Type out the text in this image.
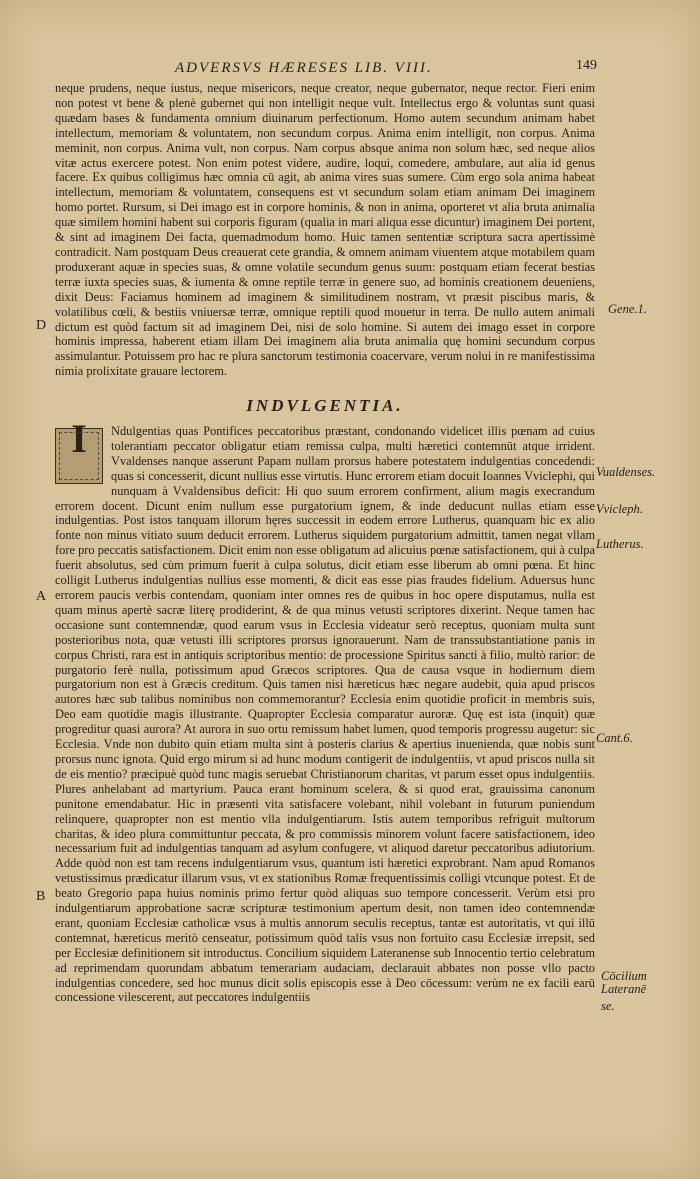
ADVERSVS HÆRESES LIB. VIII.	149

neque prudens, neque iustus, neque misericors, neque creator, neque gubernator, neque rector. Fieri enim non potest vt bene & plenè gubernet qui non intelligit neque vult. Intellectus ergo & voluntas sunt quasi quædam bases & fundamenta omnium diuinarum perfectionum. Homo autem secundum animam habet intellectum, memoriam & voluntatem, non secundum corpus. Anima enim intelligit, non corpus. Anima meminit, non corpus. Anima vult, non corpus. Nam corpus absque anima non solum hæc, sed neque alios vitæ actus exercere potest. Non enim potest videre, audire, loqui, comedere, ambulare, aut alia id genus facere. Ex quibus colligimus hæc omnia cū agit, ab anima vires suas sumere. Cùm ergo sola anima habeat intellectum, memoriam & voluntatem, consequens est vt secundum solam etiam animam Dei imaginem homo portet. Rursum, si Dei imago est in corpore hominis, & non in anima, oporteret vt alia bruta animalia quæ similem homini habent sui corporis figuram (qualia in mari aliqua esse dicuntur) imaginem Dei portent, & sint ad imaginem Dei facta, quemadmodum homo. Huic tamen sententiæ scriptura sacra apertissimè contradicit. Nam postquam Deus creauerat cete grandia, & omnem animam viuentem atque motabilem quam produxerant aquæ in species suas, & omne volatile secundum genus suum: postquam etiam fecerat bestias terræ iuxta species suas, & iumenta & omne reptile terræ in genere suo, ad hominis creationem deueniens, dixit Deus: Faciamus hominem ad imaginem & similitudinem nostram, vt præsit piscibus maris, & volatilibus cœli, & bestiis vniuersæ terræ, omnique reptili quod mouetur in terra. De nullo autem animali dictum est quòd factum sit ad imaginem Dei, nisi de solo homine. Si autem dei imago esset in corpore hominis impressa, haberent etiam illam Dei imaginem alia bruta animalia quę homini secundum corpus assimulantur. Potuissem pro hac re plura sanctorum testimonia coacervare, verum nolui in re manifestissima nimia prolixitate grauare lectorem.

INDVLGENTIA.
I	Ndulgentias quas Pontifices peccatoribus præstant, condonando videlicet illis pœnam ad cuius tolerantiam peccator obligatur etiam remissa culpa, multi hæretici contemnūt atque irrident. Vvaldenses nanque asserunt Papam nullam prorsus habere potestatem indulgentias concedendi: quas si concesserit, dicunt nullius esse virtutis. Hunc errorem etiam docuit Ioannes Vviclephi, qui nunquam à Vvaldensibus deficit: Hi quo suum errorem confirment, alium magis execrandum errorem docent. Dicunt enim nullum esse purgatorium ignem, & inde deducunt nullas etiam esse indulgentias. Post istos tanquam illorum hęres successit in eodem errore Lutherus, quanquam hic ex alio fonte non minus vitiato suum deducit errorem. Lutherus siquidem purgatorium admittit, tamen negat vllam fore pro peccatis satisfactionem. Dicit enim non esse obligatum ad alicuius pœnæ satisfactionem, qui à culpa fuerit absolutus, sed cùm primum fuerit à culpa solutus, dicit etiam esse liberum ab omni pœna. Et hinc colligit Lutherus indulgentias nullius esse momenti, & dicit eas esse pias fraudes fidelium. Aduersus hunc errorem paucis verbis contendam, quoniam inter omnes res de quibus in hoc opere disputamus, nulla est quam minus apertè sacræ literę prodiderint, & de qua minus vetusti scriptores dixerint. Neque tamen hac occasione sunt contemnendæ, quod earum vsus in Ecclesia videatur serò receptus, quoniam multa sunt posterioribus nota, quæ vetusti illi scriptores prorsus ignorauerunt. Nam de transsubstantiatione panis in corpus Christi, rara est in antiquis scriptoribus mentio: de processione Spiritus sancti à filio, multò rarior: de purgatorio ferè nulla, potissimum apud Græcos scriptores. Qua de causa vsque in hodiernum diem purgatorium non est à Græcis creditum. Quis tamen nisi hæreticus hæc negare audebit, quia apud priscos autores hæc sub talibus nominibus non commemorantur? Ecclesia enim quotidie proficit in membris suis, Deo eam quotidie magis illustrante. Quapropter Ecclesia comparatur auroræ. Quę est ista (inquit) quæ progreditur quasi aurora? At aurora in suo ortu remissum habet lumen, quod temporis progressu augetur: sic Ecclesia. Vnde non dubito quin etiam multa sint à posteris clarius & apertius inuenienda, quæ nobis sunt prorsus nunc ignota. Quid ergo mirum si ad hunc modum contigerit de indulgentiis, vt apud priscos nulla sit de eis mentio? præcipuè quòd tunc magis seruebat Christianorum charitas, vt parum esset opus indulgentiis. Plures anhelabant ad martyrium. Pauca erant hominum scelera, & si quod erat, grauissima canonum punitone emendabatur. Hic in præsenti vita satisfacere volebant, nihil volebant in futurum puniendum relinquere, quapropter non est mentio vlla indulgentiarum. Istis autem temporibus refriguit multorum charitas, & ideo plura committuntur peccata, & pro commissis minorem volunt facere satisfactionem, ideo necessarium fuit ad indulgentias tanquam ad asylum confugere, vt aliquod daretur peccatoribus adiutorium. Adde quòd non est tam recens indulgentiarum vsus, quantum isti hæretici exprobrant. Nam apud Romanos vetustissimus prædicatur illarum vsus, vt ex stationibus Romæ frequentissimis colligi vtcunque potest. Et de beato Gregorio papa huius nominis primo fertur quòd aliquas suo tempore concesserit. Verùm etsi pro indulgentiarum approbatione sacræ scripturæ testimonium apertum desit, non tamen ideo contemnendæ erant, quoniam Ecclesiæ catholicæ vsus à multis annorum seculis receptus, tantæ est autoritatis, vt qui illū contemnat, hæreticus meritò censeatur, potissimum quòd talis vsus non fortuito casu Ecclesiæ irrepsit, sed per Ecclesiæ definitionem sit introductus. Concilium siquidem Lateranense sub Innocentio tertio celebratum ad reprimendam quorundam abbatum temerariam audaciam, declarauit abbates non posse vllo pacto indulgentias concedere, sed hoc munus dicit solis episcopis esse à Deo cōcessum: verùm ne ex facili earū concessione vilescerent, aut peccatores indulgentiis

Gene.1.
Vualdenses.
Vvicleph.
Lutherus.
Cant.6.
Cōcilium
Lateranē
se.
D
A
B
